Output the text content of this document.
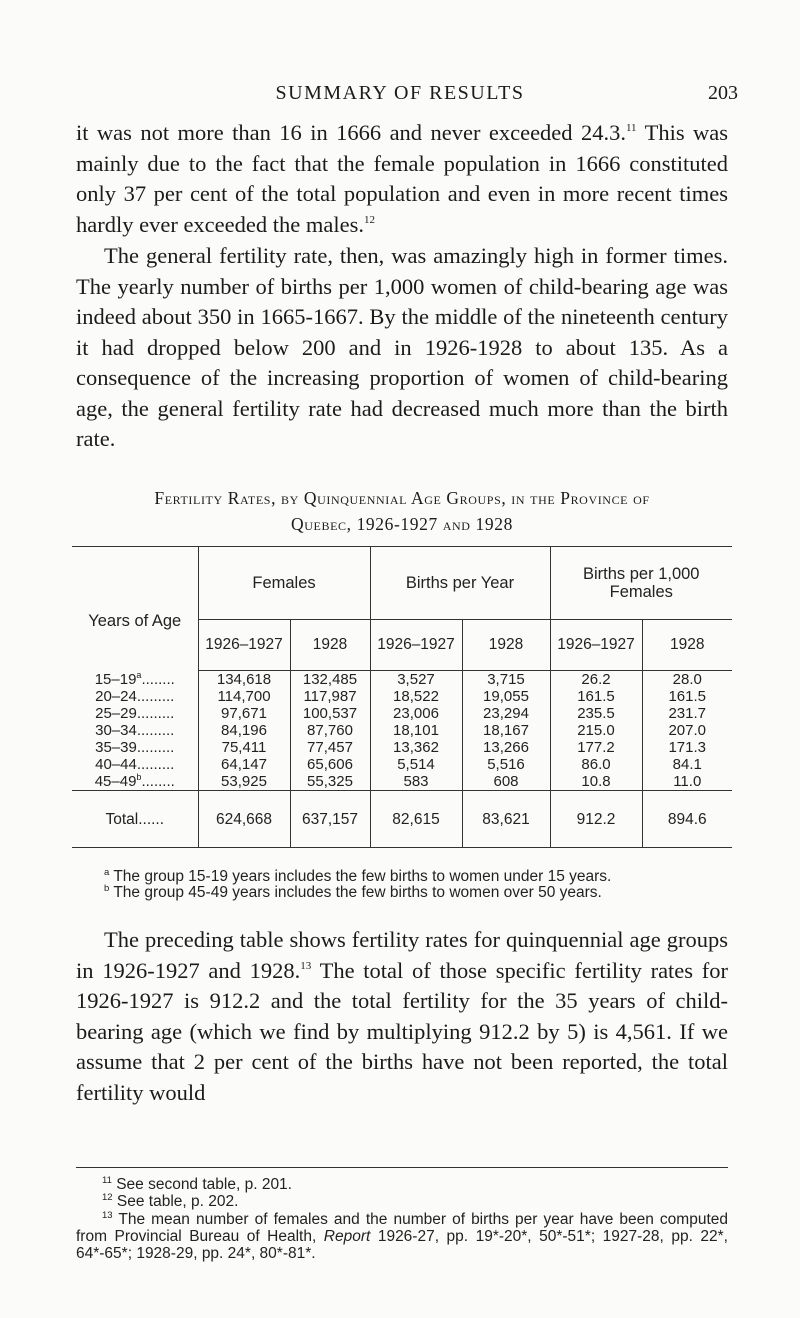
SUMMARY OF RESULTS	203

it was not more than 16 in 1666 and never exceeded 24.3.11 This was mainly due to the fact that the female population in 1666 constituted only 37 per cent of the total population and even in more recent times hardly ever exceeded the males.$^{12}$

The general fertility rate, then, was amazingly high in former times. The yearly number of births per 1,000 women of child-bearing age was indeed about 350 in 1665-1667. By the middle of the nineteenth century it had dropped below 200 and in 1926-1928 to about 135. As a consequence of the increasing proportion of women of child-bearing age, the general fertility rate had decreased much more than the birth rate.

Fertility Rates, by Quinquennial Age Groups, in the Province of
Quebec, 1926-1927 and 1928
Years of Age	Females		Births per Year		Births per 1,000
Females	

	1926–1927	1928	1926–1927	1928	1926–1927	1928
15–19$^a$........	134,618	132,485	3,527	3,715	26.2	28.0
20–24.........	114,700	117,987	18,522	19,055	161.5	161.5
25–29.........	97,671	100,537	23,006	23,294	235.5	231.7
30–34.........	84,196	87,760	18,101	18,167	215.0	207.0
35–39.........	75,411	77,457	13,362	13,266	177.2	171.3
40–44.........	64,147	65,606	5,514	5,516	86.0	84.1
45–49$^b$........	53,925	55,325	583	608	10.8	11.0
Total......	624,668	637,157	82,615	83,621	912.2	894.6
$^a$ The group 15-19 years includes the few births to women under 15 years.
$^b$ The group 45-49 years includes the few births to women over 50 years.

The preceding table shows fertility rates for quinquennial age groups in 1926-1927 and 1928.13 The total of those specific fertility rates for 1926-1927 is 912.2 and the total fertility for the 35 years of child-bearing age (which we find by multiplying 912.2 by 5) is 4,561. If we assume that 2 per cent of the births have not been reported, the total fertility would

$^{11}$ See second table, p. 201.

$^{12}$ See table, p. 202.

$^{13}$ The mean number of females and the number of births per year have been computed from Provincial Bureau of Health, Report 1926-27, pp. 19*-20*, 50*-51*; 1927-28, pp. 22*, 64*-65*; 1928-29, pp. 24*, 80*-81*.
